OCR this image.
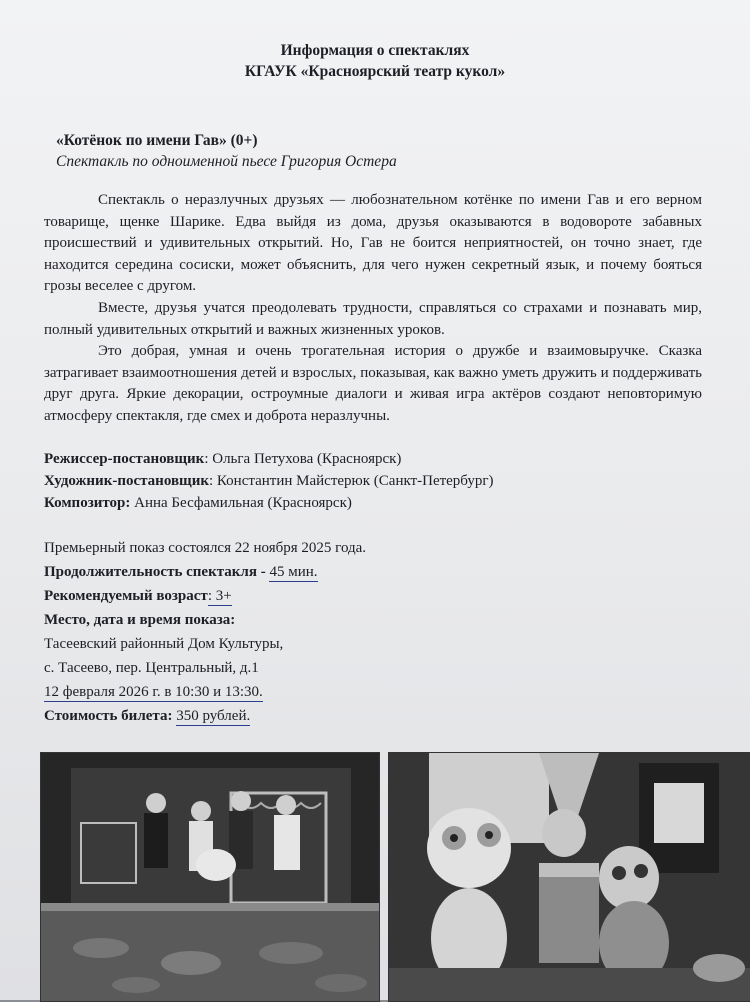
Информация о спектаклях
КГАУК «Красноярский театр кукол»
«Котёнок по имени Гав» (0+)
Спектакль по одноименной пьесе Григория Остера

Спектакль о неразлучных друзьях — любознательном котёнке по имени Гав и его верном товарище, щенке Шарике. Едва выйдя из дома, друзья оказываются в водовороте забавных происшествий и удивительных открытий. Но, Гав не боится неприятностей, он точно знает, где находится середина сосиски, может объяснить, для чего нужен секретный язык, и почему бояться грозы веселее с другом.

Вместе, друзья учатся преодолевать трудности, справляться со страхами и познавать мир, полный удивительных открытий и важных жизненных уроков.

Это добрая, умная и очень трогательная история о дружбе и взаимовыручке. Сказка затрагивает взаимоотношения детей и взрослых, показывая, как важно уметь дружить и поддерживать друг друга. Яркие декорации, остроумные диалоги и живая игра актёров создают неповторимую атмосферу спектакля, где смех и доброта неразлучны.

Режиссер-постановщик: Ольга Петухова (Красноярск)
Художник-постановщик: Константин Майстерюк (Санкт-Петербург)
Композитор: Анна Бесфамильная (Красноярск)
Премьерный показ состоялся 22 ноября 2025 года.
Продолжительность спектакля - 45 мин.
Рекомендуемый возраст: 3+
Место, дата и время показа:
Тасеевский районный Дом Культуры,
с. Тасеево, пер. Центральный, д.1
12 февраля 2026 г. в 10:30 и 13:30.
Стоимость билета: 350 рублей.
